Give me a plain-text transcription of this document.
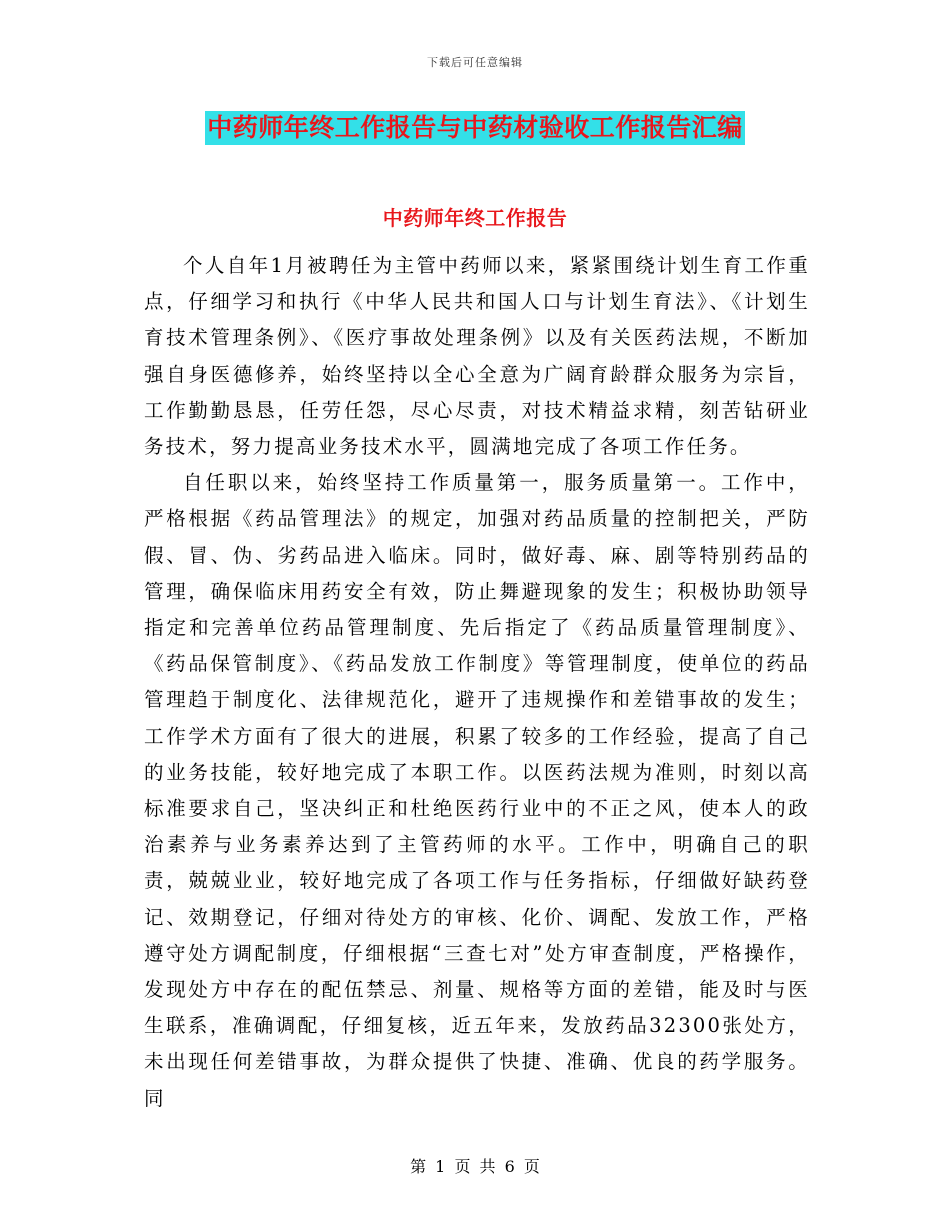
下载后可任意编辑
中药师年终工作报告与中药材验收工作报告汇编
中药师年终工作报告

个人自年1月被聘任为主管中药师以来，紧紧围绕计划生育工作重点，仔细学习和执行《中华人民共和国人口与计划生育法》、《计划生育技术管理条例》、《医疗事故处理条例》以及有关医药法规，不断加强自身医德修养，始终坚持以全心全意为广阔育龄群众服务为宗旨，工作勤勤恳恳，任劳任怨，尽心尽责，对技术精益求精，刻苦钻研业务技术，努力提高业务技术水平，圆满地完成了各项工作任务。

自任职以来，始终坚持工作质量第一，服务质量第一。工作中，严格根据《药品管理法》的规定，加强对药品质量的控制把关，严防假、冒、伪、劣药品进入临床。同时，做好毒、麻、剧等特别药品的管理，确保临床用药安全有效，防止舞避现象的发生；积极协助领导指定和完善单位药品管理制度、先后指定了《药品质量管理制度》、《药品保管制度》、《药品发放工作制度》等管理制度，使单位的药品管理趋于制度化、法律规范化，避开了违规操作和差错事故的发生；工作学术方面有了很大的进展，积累了较多的工作经验，提高了自己的业务技能，较好地完成了本职工作。以医药法规为准则，时刻以高标准要求自己，坚决纠正和杜绝医药行业中的不正之风，使本人的政治素养与业务素养达到了主管药师的水平。工作中，明确自己的职责，兢兢业业，较好地完成了各项工作与任务指标，仔细做好缺药登记、效期登记，仔细对待处方的审核、化价、调配、发放工作，严格遵守处方调配制度，仔细根据“三查七对”处方审查制度，严格操作，发现处方中存在的配伍禁忌、剂量、规格等方面的差错，能及时与医生联系，准确调配，仔细复核，近五年来，发放药品32300张处方，未出现任何差错事故，为群众提供了快捷、准确、优良的药学服务。同

第 1 页 共 6 页
